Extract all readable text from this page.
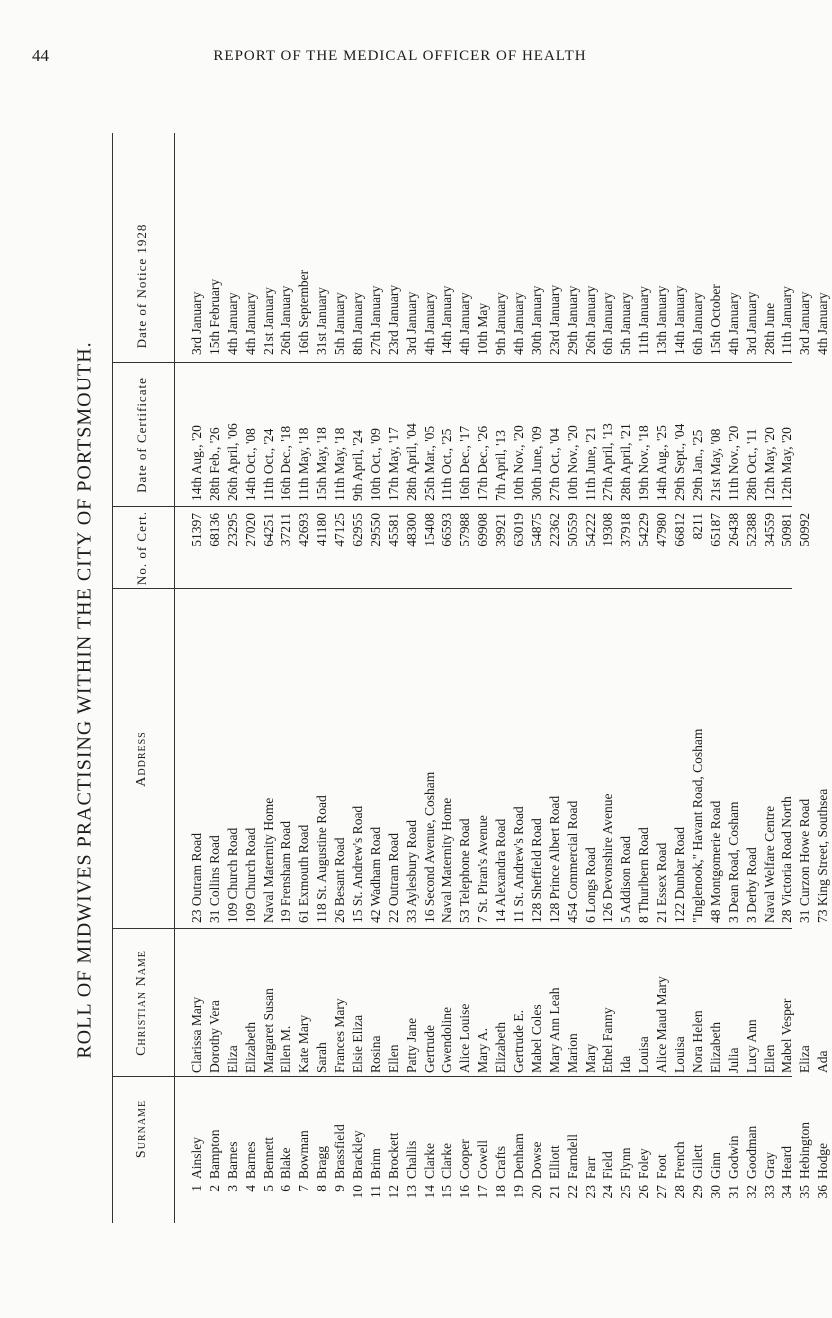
44	REPORT OF THE MEDICAL OFFICER OF HEALTH
ROLL OF MIDWIVES PRACTISING WITHIN THE CITY OF PORTSMOUTH.
Surname
Christian Name
Address
No. of Cert.
Date of Certificate
Date of Notice 1928
1
Ainsley
Clarissa Mary
23 Outram Road
51397
14th Aug., '20
3rd January
2
Bampton
Dorothy Vera
31 Collins Road
68136
28th Feb., '26
15th February
3
Barnes
Eliza
109 Church Road
23295
26th April, '06
4th January
4
Barnes
Elizabeth
109 Church Road
27020
14th Oct., '08
4th January
5
Bennett
Margaret Susan
Naval Maternity Home
64251
11th Oct., '24
21st January
6
Blake
Ellen M.
19 Frensham Road
37211
16th Dec., '18
26th January
7
Bowman
Kate Mary
61 Exmouth Road
42693
11th May, '18
16th September
8
Bragg
Sarah
118 St. Augustine Road
41180
15th May, '18
31st January
9
Brassfield
Frances Mary
26 Besant Road
47125
11th May, '18
5th January
10
Brackley
Elsie Eliza
15 St. Andrew's Road
62955
9th April, '24
8th January
11
Brinn
Rosina
42 Wadham Road
29550
10th Oct., '09
27th January
12
Brockett
Ellen
22 Outram Road
45581
17th May, '17
23rd January
13
Challis
Patty Jane
33 Aylesbury Road
48300
28th April, '04
3rd January
14
Clarke
Gertrude
16 Second Avenue, Cosham
15408
25th Mar., '05
4th January
15
Clarke
Gwendoline
Naval Maternity Home
66593
11th Oct., '25
14th January
16
Cooper
Alice Louise
53 Telephone Road
57988
16th Dec., '17
4th January
17
Cowell
Mary A.
7 St. Piran's Avenue
69908
17th Dec., '26
10th May
18
Crafts
Elizabeth
14 Alexandra Road
39921
7th April, '13
9th January
19
Denham
Gertrude E.
11 St. Andrew's Road
63019
10th Nov., '20
4th January
20
Dowse
Mabel Coles
128 Sheffield Road
54875
30th June, '09
30th January
21
Elliott
Mary Ann Leah
128 Prince Albert Road
22362
27th Oct., '04
23rd January
22
Farndell
Marion
454 Commercial Road
50559
10th Nov., '20
29th January
23
Farr
Mary
6 Longs Road
54222
11th June, '21
26th January
24
Field
Ethel Fanny
126 Devonshire Avenue
19308
27th April, '13
6th January
25
Flynn
Ida
5 Addison Road
37918
28th April, '21
5th January
26
Foley
Louisa
8 Thurlbern Road
54229
19th Nov., '18
11th January
27
Foot
Alice Maud Mary
21 Essex Road
47980
14th Aug., '25
13th January
28
French
Louisa
122 Dunbar Road
66812
29th Sept., '04
14th January
29
Gillett
Nora Helen
"Inglenook," Havant Road, Cosham
8211
29th Jan., '25
6th January
30
Ginn
Elizabeth
48 Montgomerie Road
65187
21st May, '08
15th October
31
Godwin
Julia
3 Dean Road, Cosham
26438
11th Nov., '20
4th January
32
Goodman
Lucy Ann
3 Derby Road
52388
28th Oct., '11
3rd January
33
Gray
Ellen
Naval Welfare Centre
34559
12th May, '20
28th June
34
Heard
Mabel Vesper
28 Victoria Road North
50981
12th May, '20
11th January
35
Hebington
Eliza
31 Curzon Howe Road
50992
3rd January
36
Hodge
Ada
73 King Street, Southsea
4th January
